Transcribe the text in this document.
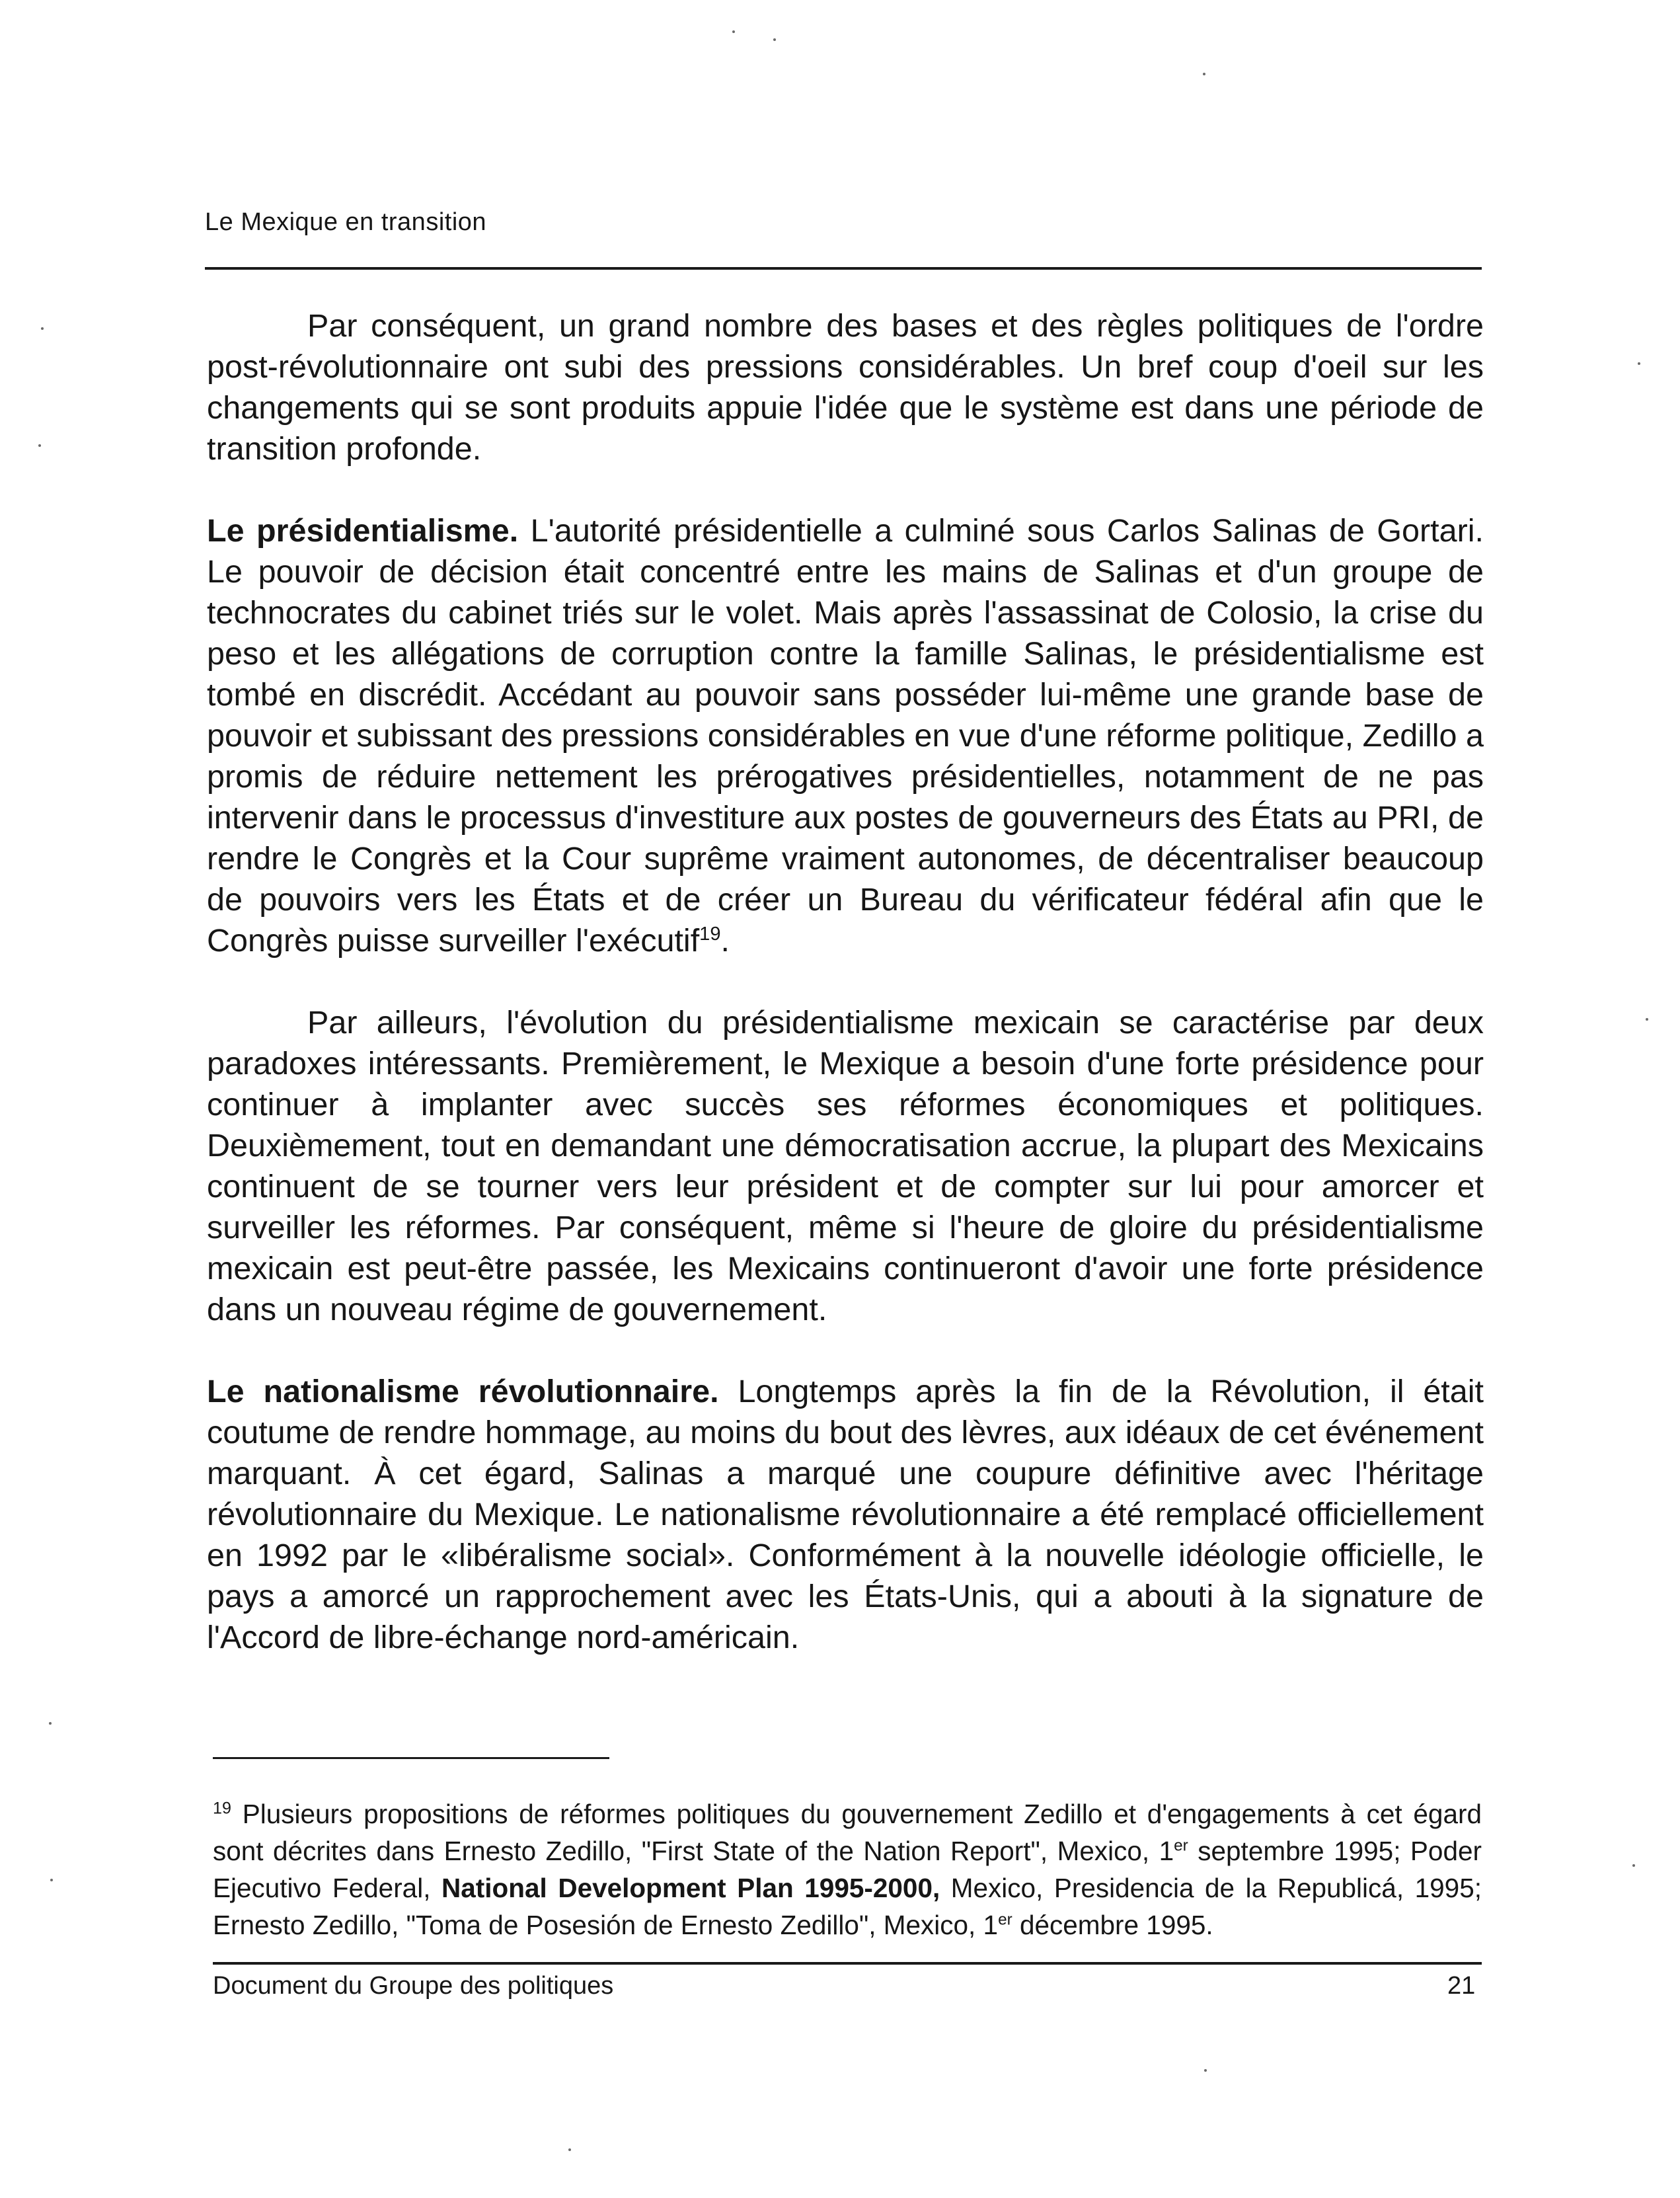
Le Mexique en transition

Par conséquent, un grand nombre des bases et des règles politiques de l'ordre post-révolutionnaire ont subi des pressions considérables. Un bref coup d'oeil sur les changements qui se sont produits appuie l'idée que le système est dans une période de transition profonde.

Le présidentialisme. L'autorité présidentielle a culminé sous Carlos Salinas de Gortari. Le pouvoir de décision était concentré entre les mains de Salinas et d'un groupe de technocrates du cabinet triés sur le volet. Mais après l'assassinat de Colosio, la crise du peso et les allégations de corruption contre la famille Salinas, le présidentialisme est tombé en discrédit. Accédant au pouvoir sans posséder lui-même une grande base de pouvoir et subissant des pressions considérables en vue d'une réforme politique, Zedillo a promis de réduire nettement les prérogatives présidentielles, notamment de ne pas intervenir dans le processus d'investiture aux postes de gouverneurs des États au PRI, de rendre le Congrès et la Cour suprême vraiment autonomes, de décentraliser beaucoup de pouvoirs vers les États et de créer un Bureau du vérificateur fédéral afin que le Congrès puisse surveiller l'exécutif$^{19}$.

Par ailleurs, l'évolution du présidentialisme mexicain se caractérise par deux paradoxes intéressants. Premièrement, le Mexique a besoin d'une forte présidence pour continuer à implanter avec succès ses réformes économiques et politiques. Deuxièmement, tout en demandant une démocratisation accrue, la plupart des Mexicains continuent de se tourner vers leur président et de compter sur lui pour amorcer et surveiller les réformes. Par conséquent, même si l'heure de gloire du présidentialisme mexicain est peut-être passée, les Mexicains continueront d'avoir une forte présidence dans un nouveau régime de gouvernement.

Le nationalisme révolutionnaire. Longtemps après la fin de la Révolution, il était coutume de rendre hommage, au moins du bout des lèvres, aux idéaux de cet événement marquant. À cet égard, Salinas a marqué une coupure définitive avec l'héritage révolutionnaire du Mexique. Le nationalisme révolutionnaire a été remplacé officiellement en 1992 par le «libéralisme social». Conformément à la nouvelle idéologie officielle, le pays a amorcé un rapprochement avec les États-Unis, qui a abouti à la signature de l'Accord de libre-échange nord-américain.

$^{19}$ Plusieurs propositions de réformes politiques du gouvernement Zedillo et d'engagements à cet égard sont décrites dans Ernesto Zedillo, "First State of the Nation Report", Mexico, 1er septembre 1995; Poder Ejecutivo Federal, National Development Plan 1995-2000, Mexico, Presidencia de la Republicá, 1995; Ernesto Zedillo, "Toma de Posesión de Ernesto Zedillo", Mexico, 1er décembre 1995.
Document du Groupe des politiques	21
